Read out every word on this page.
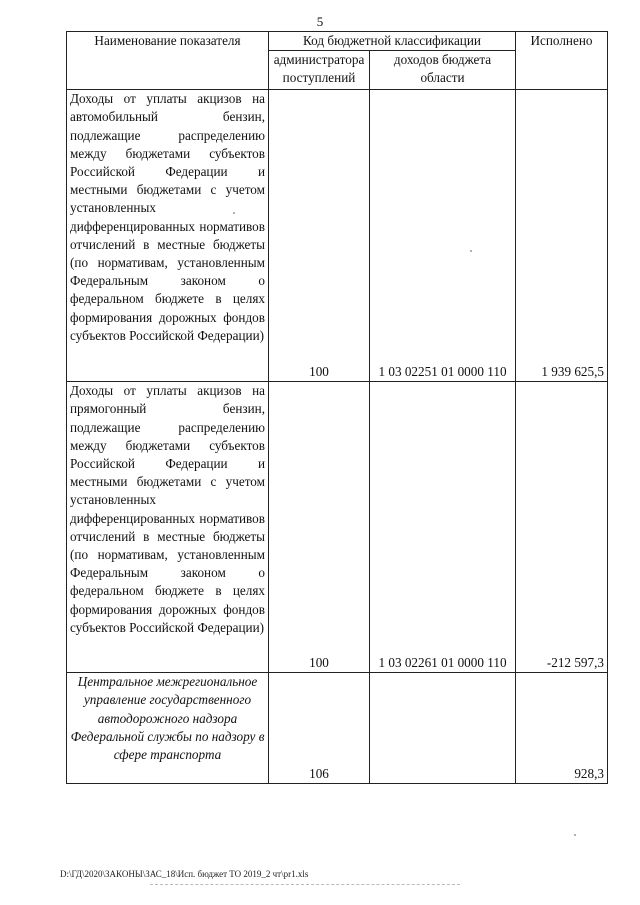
5
Наименование показателя	Код бюджетной классификации		Исполнено
	администратора поступлений	доходов бюджета области	
Доходы от уплаты акцизов на автомобильный бензин, подлежащие распределению между бюджетами субъектов Российской Федерации и местными бюджетами с учетом установленных дифференцированных нормативов отчислений в местные бюджеты (по нормативам, установленным Федеральным законом о федеральном бюджете в целях формирования дорожных фондов субъектов Российской Федерации)	100	1 03 02251 01 0000 110	1 939 625,5
Доходы от уплаты акцизов на прямогонный бензин, подлежащие распределению между бюджетами субъектов Российской Федерации и местными бюджетами с учетом установленных дифференцированных нормативов отчислений в местные бюджеты (по нормативам, установленным Федеральным законом о федеральном бюджете в целях формирования дорожных фондов субъектов Российской Федерации)	100	1 03 02261 01 0000 110	-212 597,3
Центральное межрегиональное управление государственного автодорожного надзора Федеральной службы по надзору в сфере транспорта	106		928,3
D:\ГД\2020\ЗАКОНЫ\ЗАС_18\Исп. бюджет ТО 2019_2 чт\pr1.xls
